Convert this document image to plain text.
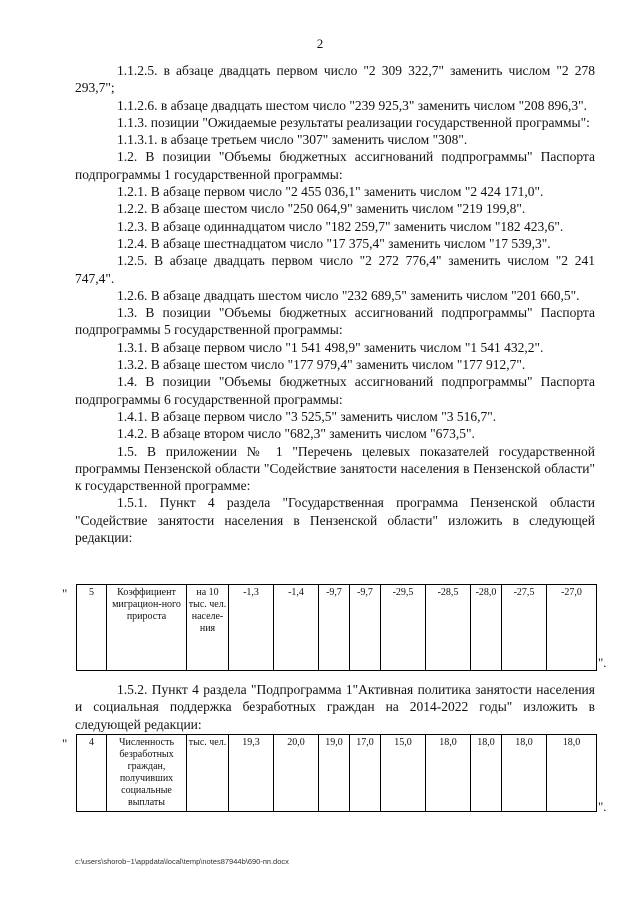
2

1.1.2.5. в абзаце двадцать первом число "2 309 322,7" заменить числом "2 278 293,7";

1.1.2.6. в абзаце двадцать шестом число "239 925,3" заменить числом "208 896,3".

1.1.3. позиции "Ожидаемые результаты реализации государственной программы":

1.1.3.1. в абзаце третьем число "307" заменить числом "308".

1.2. В позиции "Объемы бюджетных ассигнований подпрограммы" Паспорта подпрограммы 1 государственной программы:

1.2.1. В абзаце первом число "2 455 036,1" заменить числом "2 424 171,0".

1.2.2. В абзаце шестом число "250 064,9" заменить числом "219 199,8".

1.2.3. В абзаце одиннадцатом число "182 259,7" заменить числом "182 423,6".

1.2.4. В абзаце шестнадцатом число "17 375,4" заменить числом "17 539,3".

1.2.5. В абзаце двадцать первом число "2 272 776,4" заменить числом "2 241 747,4".

1.2.6. В абзаце двадцать шестом число "232 689,5" заменить числом "201 660,5".

1.3. В позиции "Объемы бюджетных ассигнований подпрограммы" Паспорта подпрограммы 5 государственной программы:

1.3.1. В абзаце первом число "1 541 498,9" заменить числом "1 541 432,2".

1.3.2. В абзаце шестом число "177 979,4" заменить числом "177 912,7".

1.4. В позиции "Объемы бюджетных ассигнований подпрограммы" Паспорта подпрограммы 6 государственной программы:

1.4.1. В абзаце первом число "3 525,5" заменить числом "3 516,7".

1.4.2. В абзаце втором число "682,3" заменить числом "673,5".

1.5. В приложении № 1 "Перечень целевых показателей государственной программы Пензенской области "Содействие занятости населения в Пензенской области" к государственной программе:

1.5.1. Пункт 4 раздела "Государственная программа Пензенской области "Содействие занятости населения в Пензенской области" изложить в следующей редакции:

" 5	Коэффициент миграцион-ного прироста	на 10 тыс. чел. населе-ния	-1,3	-1,4	-9,7	-9,7	-29,5	-28,5	-28,0	-27,5	-27,0
".

1.5.2. Пункт 4 раздела "Подпрограмма 1"Активная политика занятости населения и социальная поддержка безработных граждан на 2014-2022 годы" изложить в следующей редакции:

" 4	Численность безработных граждан, получивших социальные выплаты	тыс. чел.	19,3	20,0	19,0	17,0	15,0	18,0	18,0	18,0	18,0
".
c:\users\shorob~1\appdata\local\temp\notes87944b\690-пп.docx
